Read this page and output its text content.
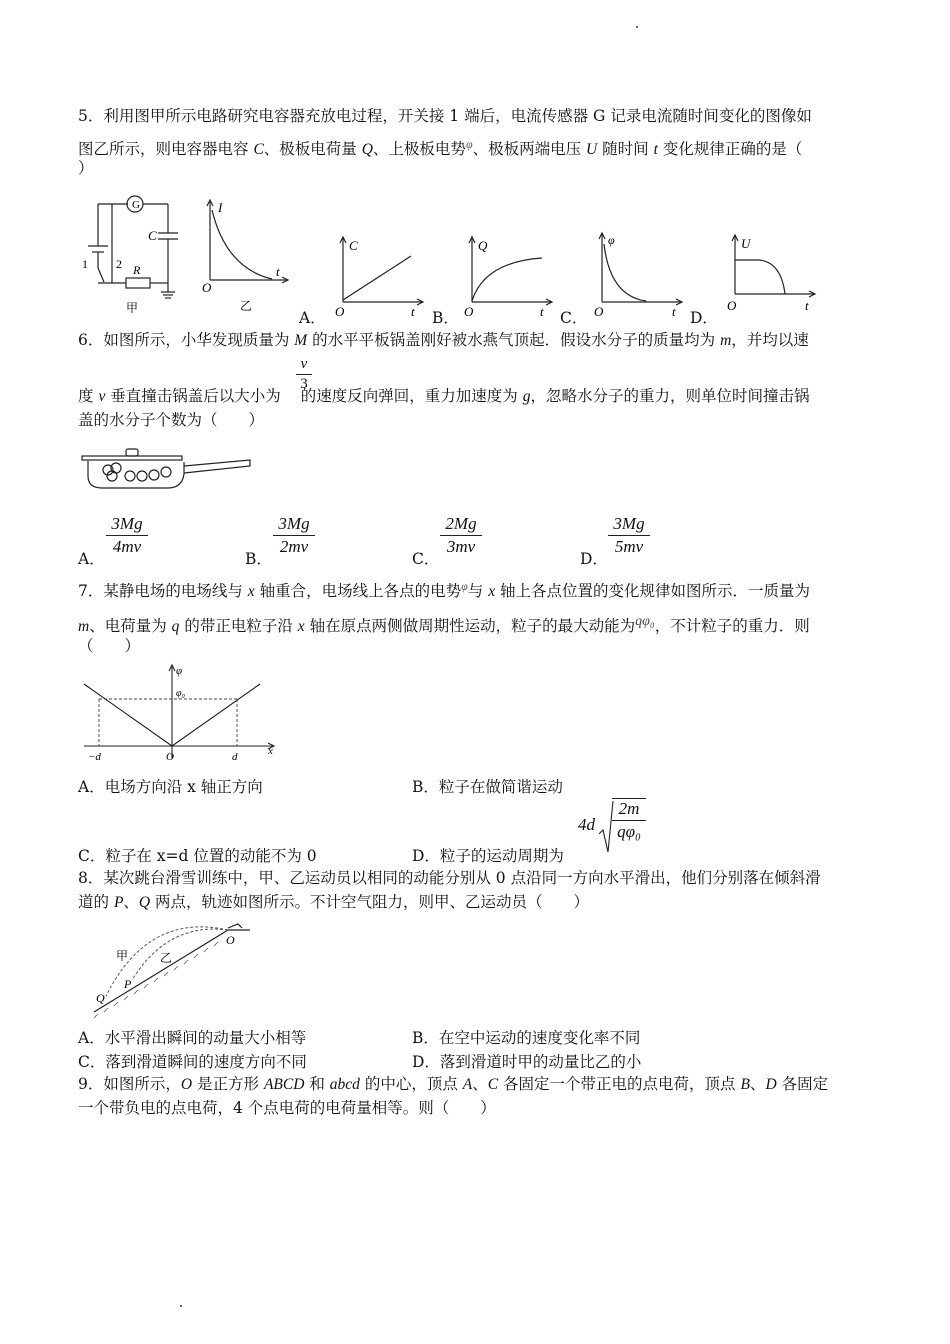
5．利用图甲所示电路研究电容器充放电过程，开关接 1 端后，电流传感器 G 记录电流随时间变化的图像如
图乙所示，则电容器电容 C、极板电荷量 Q、上极板电势$^\varphi$、极板两端电压 U 随时间 t 变化规律正确的是（
）
G
C
R
1 2
甲
I
O
t
乙
A．	B．	C．	D．
C
O	t
Q
O	t
φ
O	t
U
O	t
6．如图所示，小华发现质量为 M 的水平平板锅盖刚好被水燕气顶起．假设水分子的质量均为 m，并均以速
度 v 垂直撞击锅盖后以大小为 的速度反向弹回，重力加速度为 g，忽略水分子的重力，则单位时间撞击锅
v
3
盖的水分子个数为（　　）
A．
3Mg
4mv
B．
3Mg
2mv
C．
2Mg
3mv
D．
3Mg
5mv
7．某静电场的电场线与 x 轴重合，电场线上各点的电势$^\varphi$与 x 轴上各点位置的变化规律如图所示．一质量为
m、电荷量为 q 的带正电粒子沿 x 轴在原点两侧做周期性运动，粒子的最大动能为$^{q\varphi_0}$，不计粒子的重力．则
（　　）
φ
φ₀
−d	O	d	x
A．电场方向沿 x 轴正方向	B．粒子在做简谐运动
C．粒子在 x=d 位置的动能不为 0	D．粒子的运动周期为
4d
2m
qφ₀
8．某次跳台滑雪训练中，甲、乙运动员以相同的动能分别从 0 点沿同一方向水平滑出，他们分别落在倾斜滑
道的 P、Q 两点，轨迹如图所示。不计空气阻力，则甲、乙运动员（　　）
O
甲	乙
P
Q
A．水平滑出瞬间的动量大小相等	B．在空中运动的速度变化率不同
C．落到滑道瞬间的速度方向不同	D．落到滑道时甲的动量比乙的小
9．如图所示，O 是正方形 ABCD 和 abcd 的中心，顶点 A、C 各固定一个带正电的点电荷，顶点 B、D 各固定
一个带负电的点电荷，4 个点电荷的电荷量相等。则（　　）
